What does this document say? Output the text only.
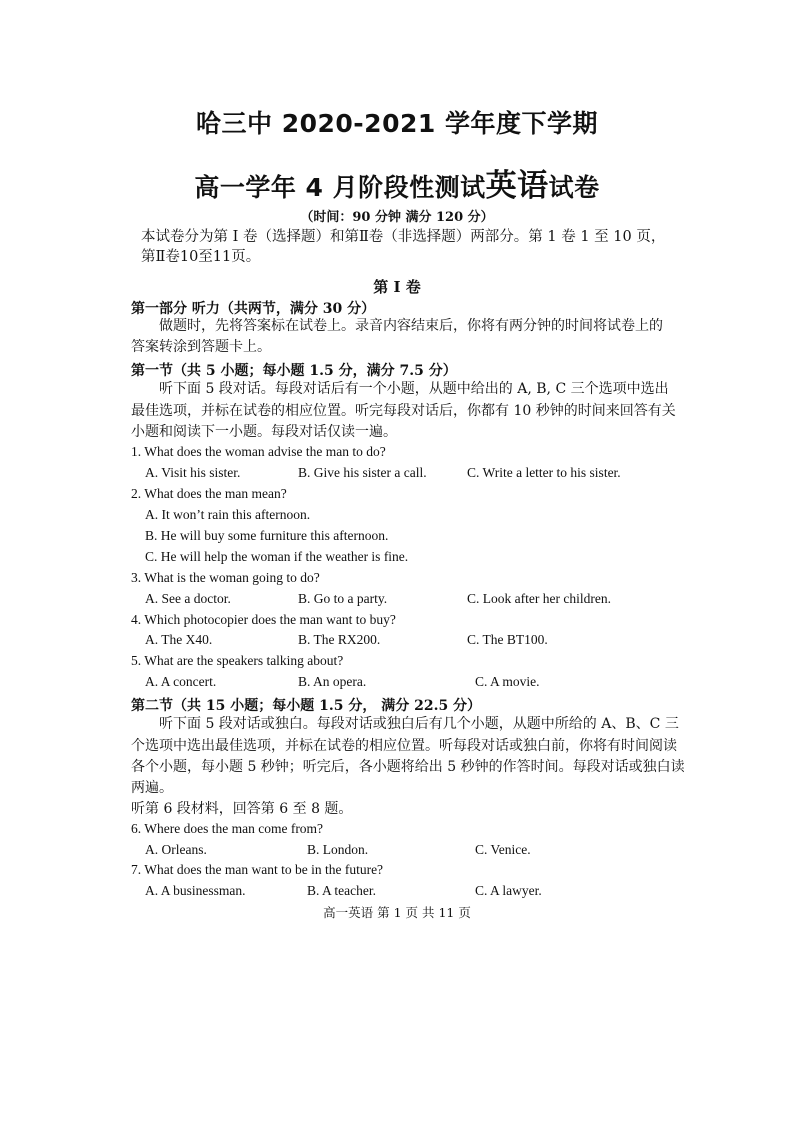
哈三中 2020-2021 学年度下学期
高一学年 4 月阶段性测试英语试卷
（时间：90 分钟 满分 120 分）
本试卷分为第 I 卷（选择题）和第Ⅱ卷（非选择题）两部分。第 1 卷 1 至 10 页，
第Ⅱ卷10至11页。
第 I 卷
第一部分 听力（共两节，满分 30 分）
做题时，先将答案标在试卷上。录音内容结束后，你将有两分钟的时间将试卷上的
答案转涂到答题卡上。
第一节（共 5 小题；每小题 1.5 分，满分 7.5 分）
听下面 5 段对话。每段对话后有一个小题，从题中给出的 A, B, C 三个选项中选出
最佳选项，并标在试卷的相应位置。听完每段对话后，你都有 10 秒钟的时间来回答有关
小题和阅读下一小题。每段对话仅读一遍。
1. What does the woman advise the man to do?
A. Visit his sister.	B. Give his sister a call.	C. Write a letter to his sister.
2. What does the man mean?
A. It won’t rain this afternoon.
B. He will buy some furniture this afternoon.
C. He will help the woman if the weather is fine.
3. What is the woman going to do?
A. See a doctor.	B. Go to a party.	C. Look after her children.
4. Which photocopier does the man want to buy?
A. The X40.	B. The RX200.	C. The BT100.
5. What are the speakers talking about?
A. A concert.	B. An opera.	C. A movie.
第二节（共 15 小题；每小题 1.5 分， 满分 22.5 分）
听下面 5 段对话或独白。每段对话或独白后有几个小题，从题中所给的 A、B、C 三
个选项中选出最佳选项，并标在试卷的相应位置。听每段对话或独白前，你将有时间阅读
各个小题，每小题 5 秒钟；听完后，各小题将给出 5 秒钟的作答时间。每段对话或独白读
两遍。
听第 6 段材料，回答第 6 至 8 题。
6. Where does the man come from?
A. Orleans.	B. London.	C. Venice.
7. What does the man want to be in the future?
A. A businessman.	B. A teacher.	C. A lawyer.
高一英语 第 1 页 共 11 页
